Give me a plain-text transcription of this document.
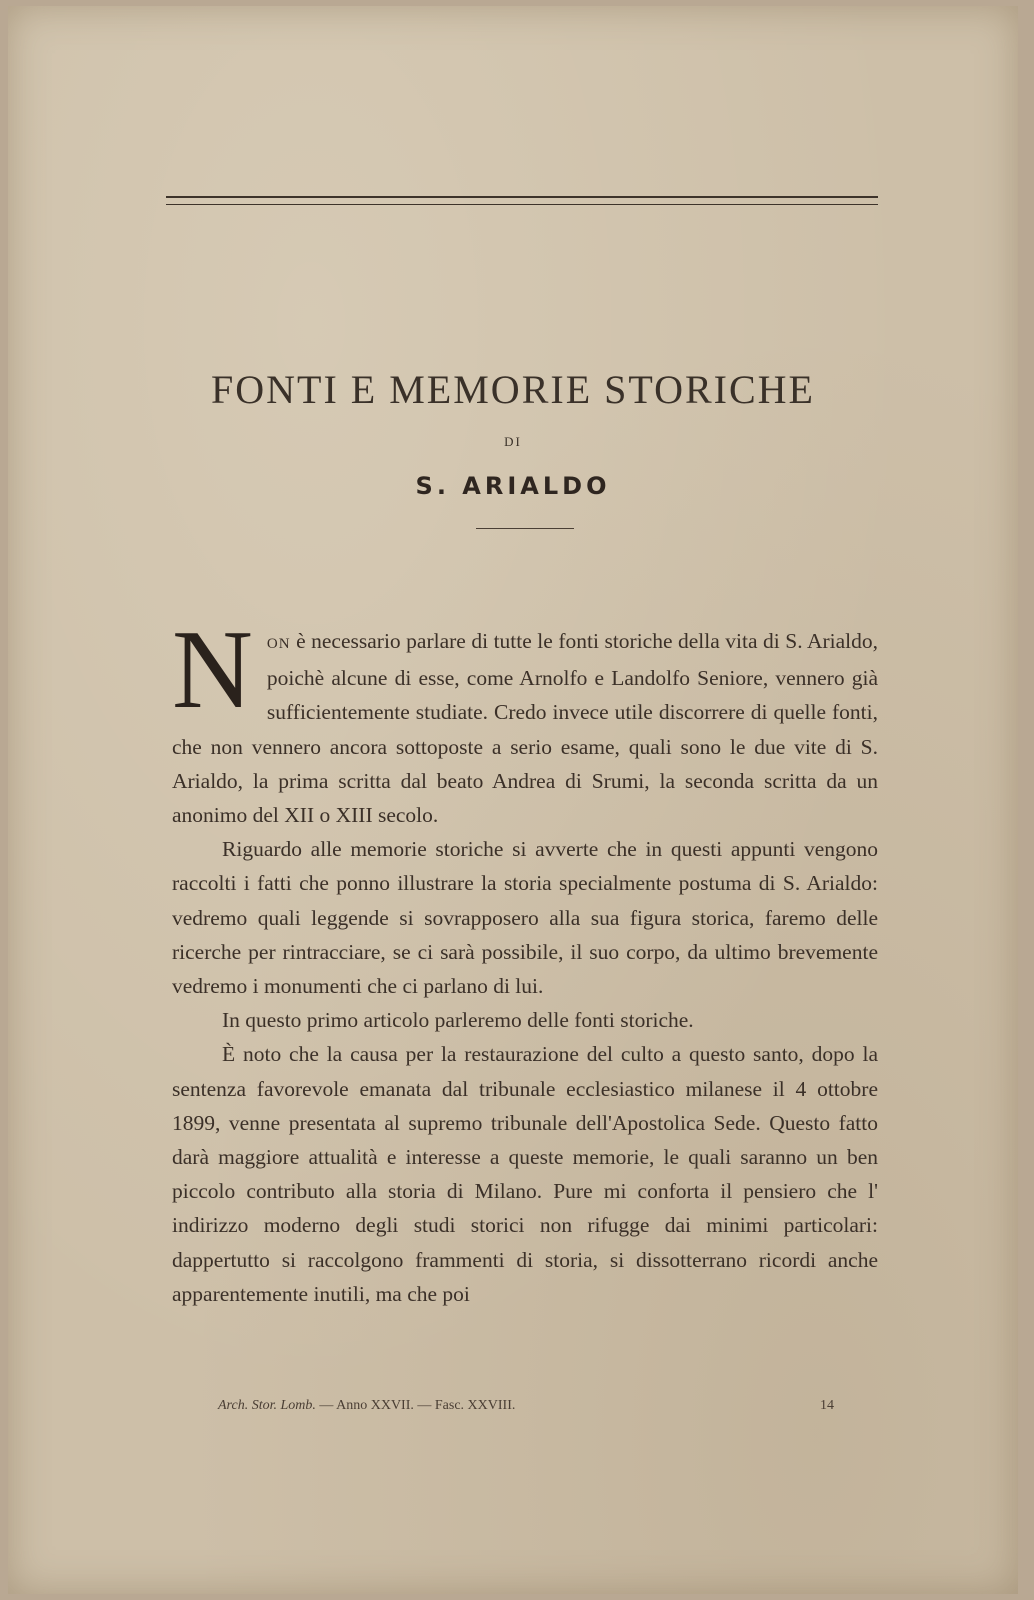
FONTI E MEMORIE STORICHE
DI
S. ARIALDO

NON è necessario parlare di tutte le fonti storiche della vita di S. Arialdo, poichè alcune di esse, come Arnolfo e Landolfo Seniore, vennero già sufficientemente studiate. Credo invece utile discorrere di quelle fonti, che non vennero ancora sottoposte a serio esame, quali sono le due vite di S. Arialdo, la prima scritta dal beato Andrea di Srumi, la seconda scritta da un anonimo del XII o XIII secolo.

Riguardo alle memorie storiche si avverte che in questi appunti vengono raccolti i fatti che ponno illustrare la storia specialmente postuma di S. Arialdo: vedremo quali leggende si sovrapposero alla sua figura storica, faremo delle ricerche per rintracciare, se ci sarà possibile, il suo corpo, da ultimo brevemente vedremo i monumenti che ci parlano di lui.

In questo primo articolo parleremo delle fonti storiche.

È noto che la causa per la restaurazione del culto a questo santo, dopo la sentenza favorevole emanata dal tribunale ecclesiastico milanese il 4 ottobre 1899, venne presentata al supremo tribunale dell'Apostolica Sede. Questo fatto darà maggiore attualità e interesse a queste memorie, le quali saranno un ben piccolo contributo alla storia di Milano. Pure mi conforta il pensiero che l' indirizzo moderno degli studi storici non rifugge dai minimi particolari: dappertutto si raccolgono frammenti di storia, si dissotterrano ricordi anche apparentemente inutili, ma che poi

Arch. Stor. Lomb. — Anno XXVII. — Fasc. XXVIII.	14
